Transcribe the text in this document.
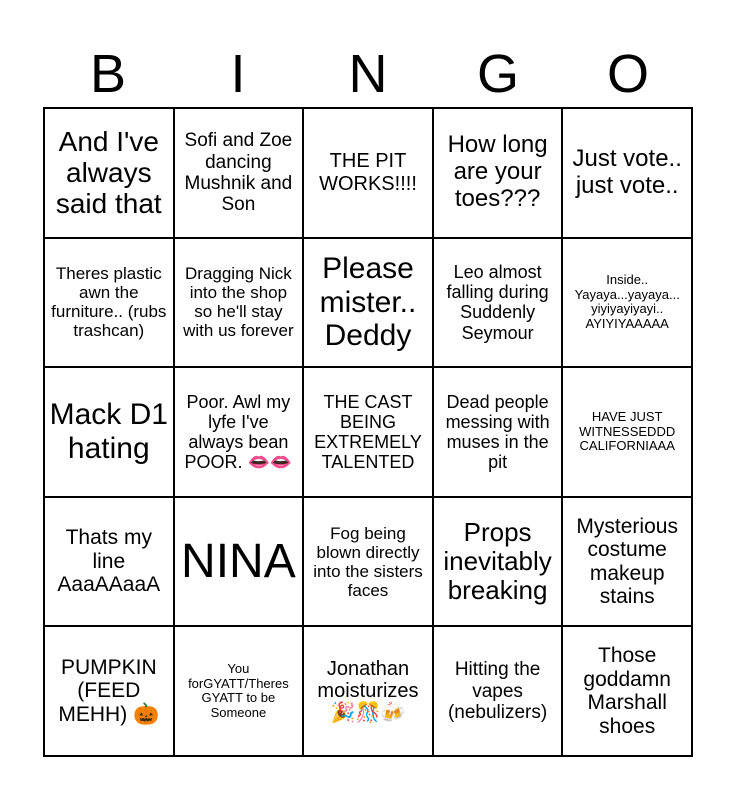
B	I	N	G	O
And I've always said that
Sofi and Zoe dancing Mushnik and Son
THE PIT WORKS!!!!
How long are your toes???
Just vote.. just vote..
Theres plastic awn the furniture.. (rubs trashcan)
Dragging Nick into the shop so he'll stay with us forever
Please mister.. Deddy
Leo almost falling during Suddenly Seymour
Inside.. Yayaya...yayaya... yiyiyayiyayi.. AYIYIYAAAAA
Mack D1 hating
Poor. Awl my lyfe I've always bean POOR. 👄👄
THE CAST BEING EXTREMELY TALENTED
Dead people messing with muses in the pit
HAVE JUST WITNESSEDDD CALIFORNIAAA
Thats my line AaaAAaaA NINA
Fog being blown directly into the sisters faces
Props inevitably breaking
Mysterious costume makeup stains
PUMPKIN (FEED MEHH) 🎃
You forGYATT/Theres GYATT to be Someone
Jonathan moisturizes 🎉🎊🍻
Hitting the vapes (nebulizers)
Those goddamn Marshall shoes
